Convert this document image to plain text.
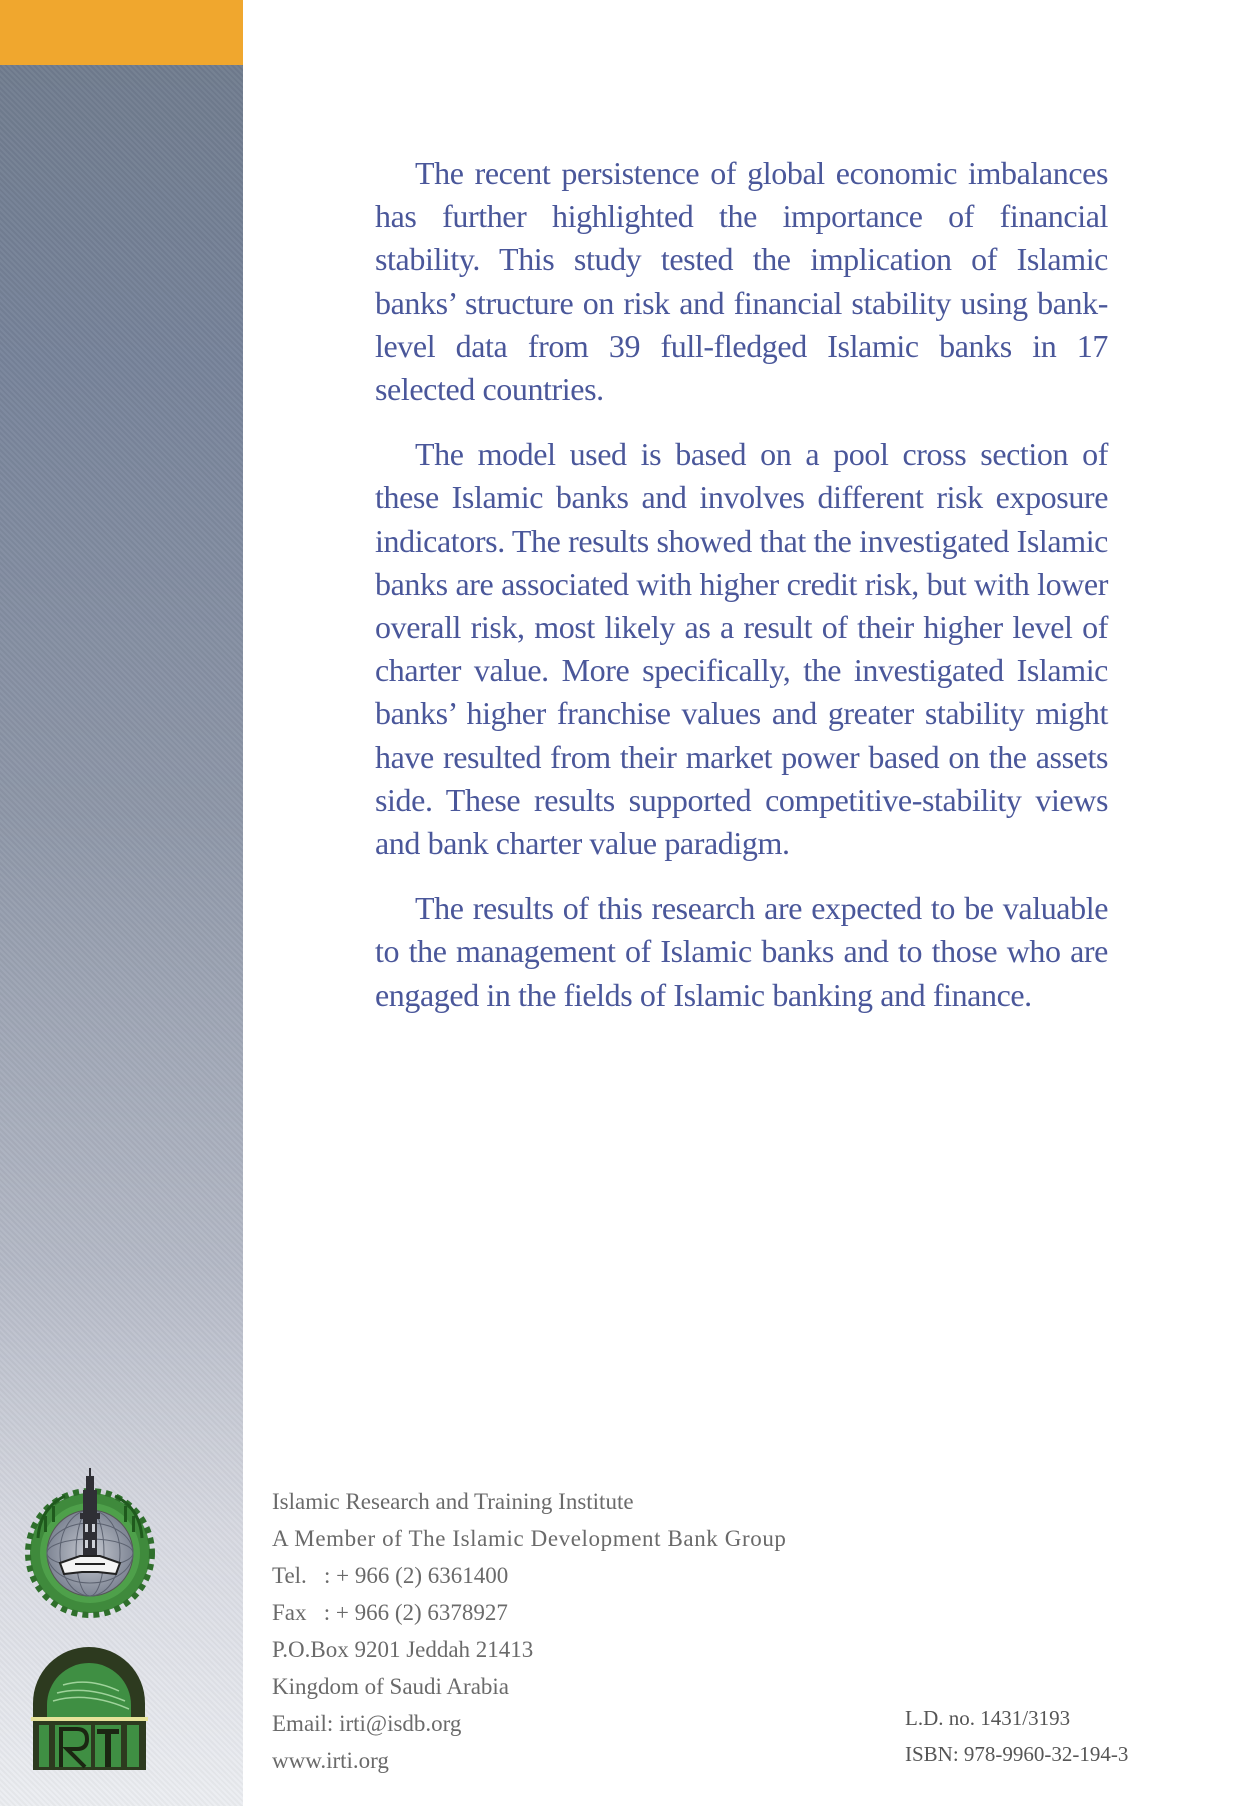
The recent persistence of global economic imbalances has further highlighted the importance of financial stability. This study tested the implication of Islamic banks’ structure on risk and financial stability using bank-level data from 39 full-fledged Islamic banks in 17 selected countries.

The model used is based on a pool cross section of these Islamic banks and involves different risk exposure indicators. The results showed that the investigated Islamic banks are associated with higher credit risk, but with lower overall risk, most likely as a result of their higher level of charter value. More specifically, the investigated Islamic banks’ higher franchise values and greater stability might have resulted from their market power based on the assets side. These results supported competitive-stability views and bank charter value paradigm.

The results of this research are expected to be valuable to the management of Islamic banks and to those who are engaged in the fields of Islamic banking and finance.

Islamic Research and Training Institute
A Member of The Islamic Development Bank Group
Tel.   : + 966 (2) 6361400
Fax   : + 966 (2) 6378927
P.O.Box 9201 Jeddah 21413
Kingdom of Saudi Arabia
Email: irti@isdb.org
www.irti.org
L.D. no. 1431/3193
ISBN: 978-9960-32-194-3
